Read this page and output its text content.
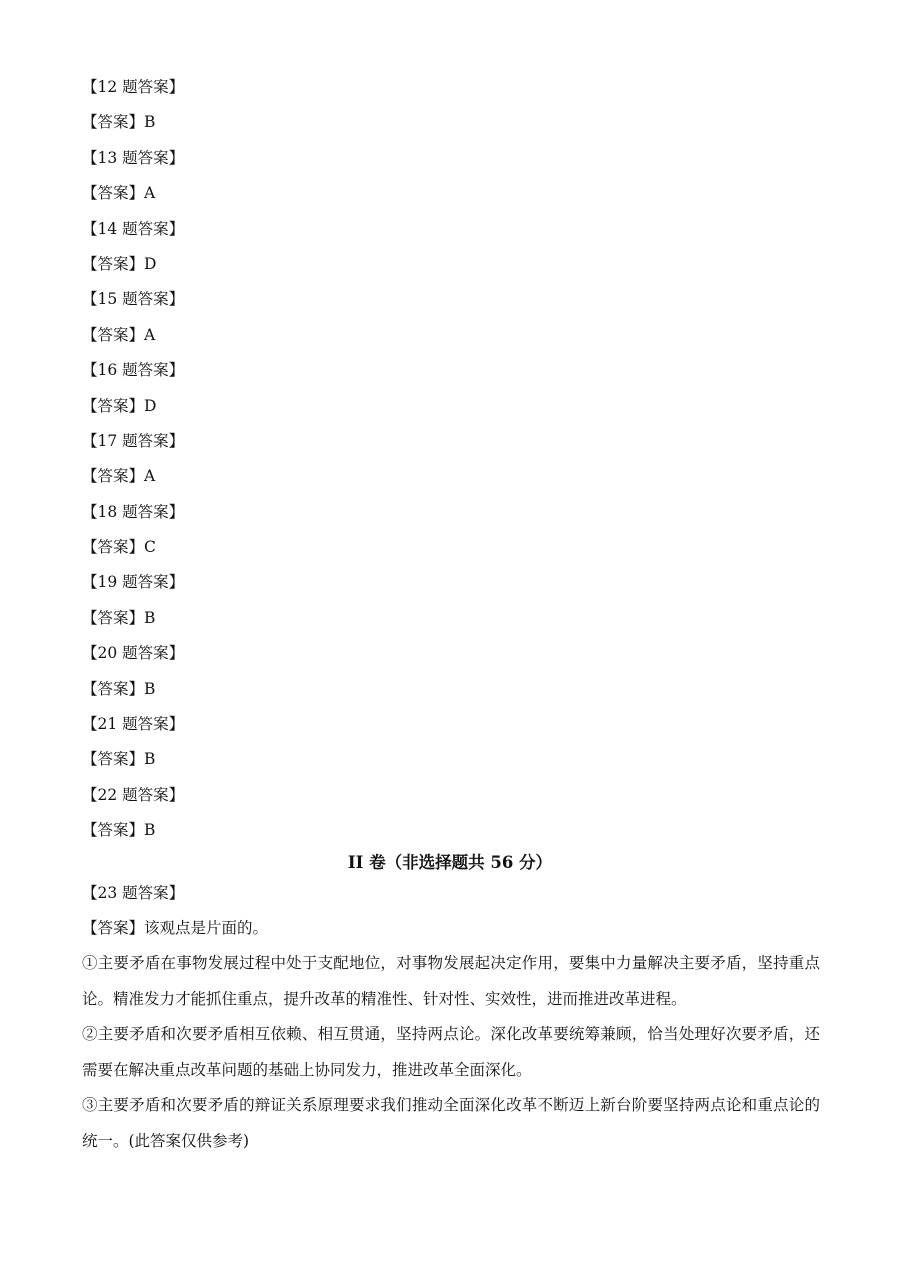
【12 题答案】
【答案】B
【13 题答案】
【答案】A
【14 题答案】
【答案】D
【15 题答案】
【答案】A
【16 题答案】
【答案】D
【17 题答案】
【答案】A
【18 题答案】
【答案】C
【19 题答案】
【答案】B
【20 题答案】
【答案】B
【21 题答案】
【答案】B
【22 题答案】
【答案】B
II 卷（非选择题共 56 分）
【23 题答案】
【答案】该观点是片面的。
①主要矛盾在事物发展过程中处于支配地位，对事物发展起决定作用，要集中力量解决主要矛盾，坚持重点论。精准发力才能抓住重点，提升改革的精准性、针对性、实效性，进而推进改革进程。
②主要矛盾和次要矛盾相互依赖、相互贯通，坚持两点论。深化改革要统筹兼顾，恰当处理好次要矛盾，还需要在解决重点改革问题的基础上协同发力，推进改革全面深化。
③主要矛盾和次要矛盾的辩证关系原理要求我们推动全面深化改革不断迈上新台阶要坚持两点论和重点论的统一。(此答案仅供参考)
